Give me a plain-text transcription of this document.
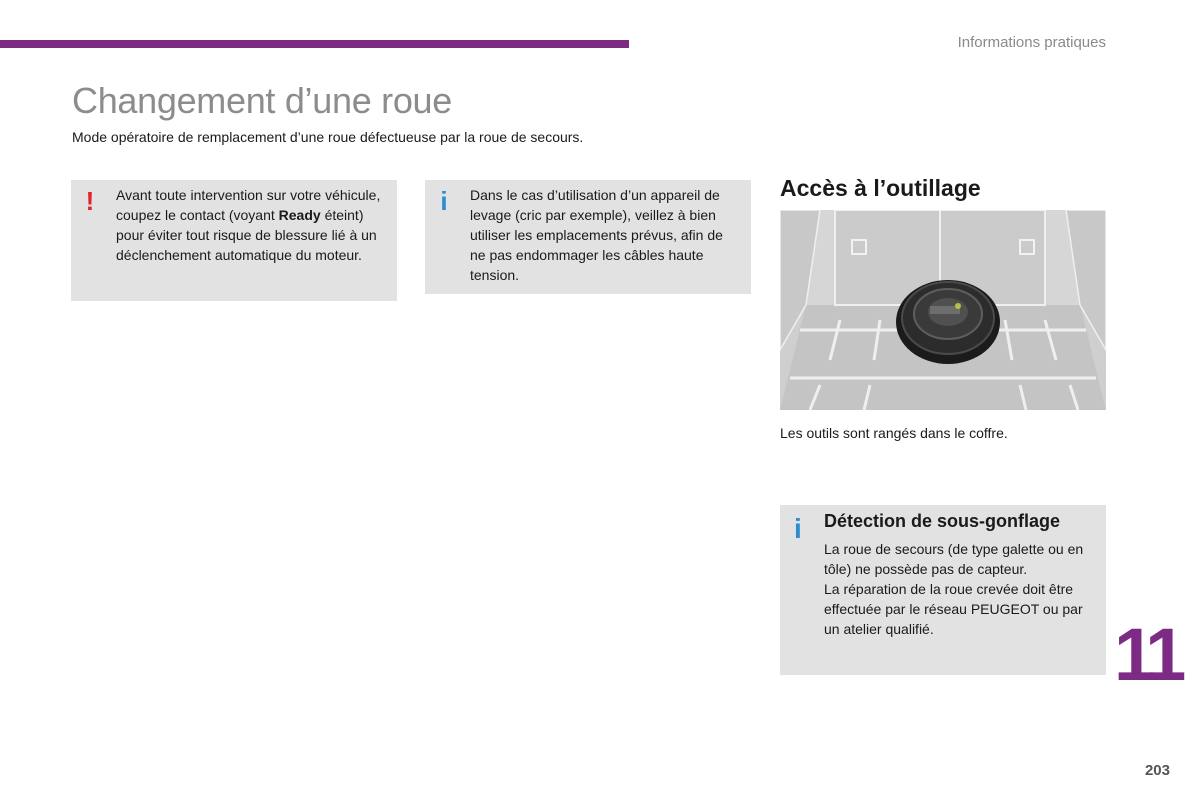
Informations pratiques
Changement d’une roue
Mode opératoire de remplacement d’une roue défectueuse par la roue de secours.
! Avant toute intervention sur votre véhicule, coupez le contact (voyant Ready éteint) pour éviter tout risque de blessure lié à un déclenchement automatique du moteur.
i Dans le cas d’utilisation d’un appareil de levage (cric par exemple), veillez à bien utiliser les emplacements prévus, afin de ne pas endommager les câbles haute tension.
Accès à l’outillage
Les outils sont rangés dans le coffre.
i Détection de sous-gonflage
La roue de secours (de type galette ou en tôle) ne possède pas de capteur.
La réparation de la roue crevée doit être effectuée par le réseau PEUGEOT ou par un atelier qualifié.	11
203
